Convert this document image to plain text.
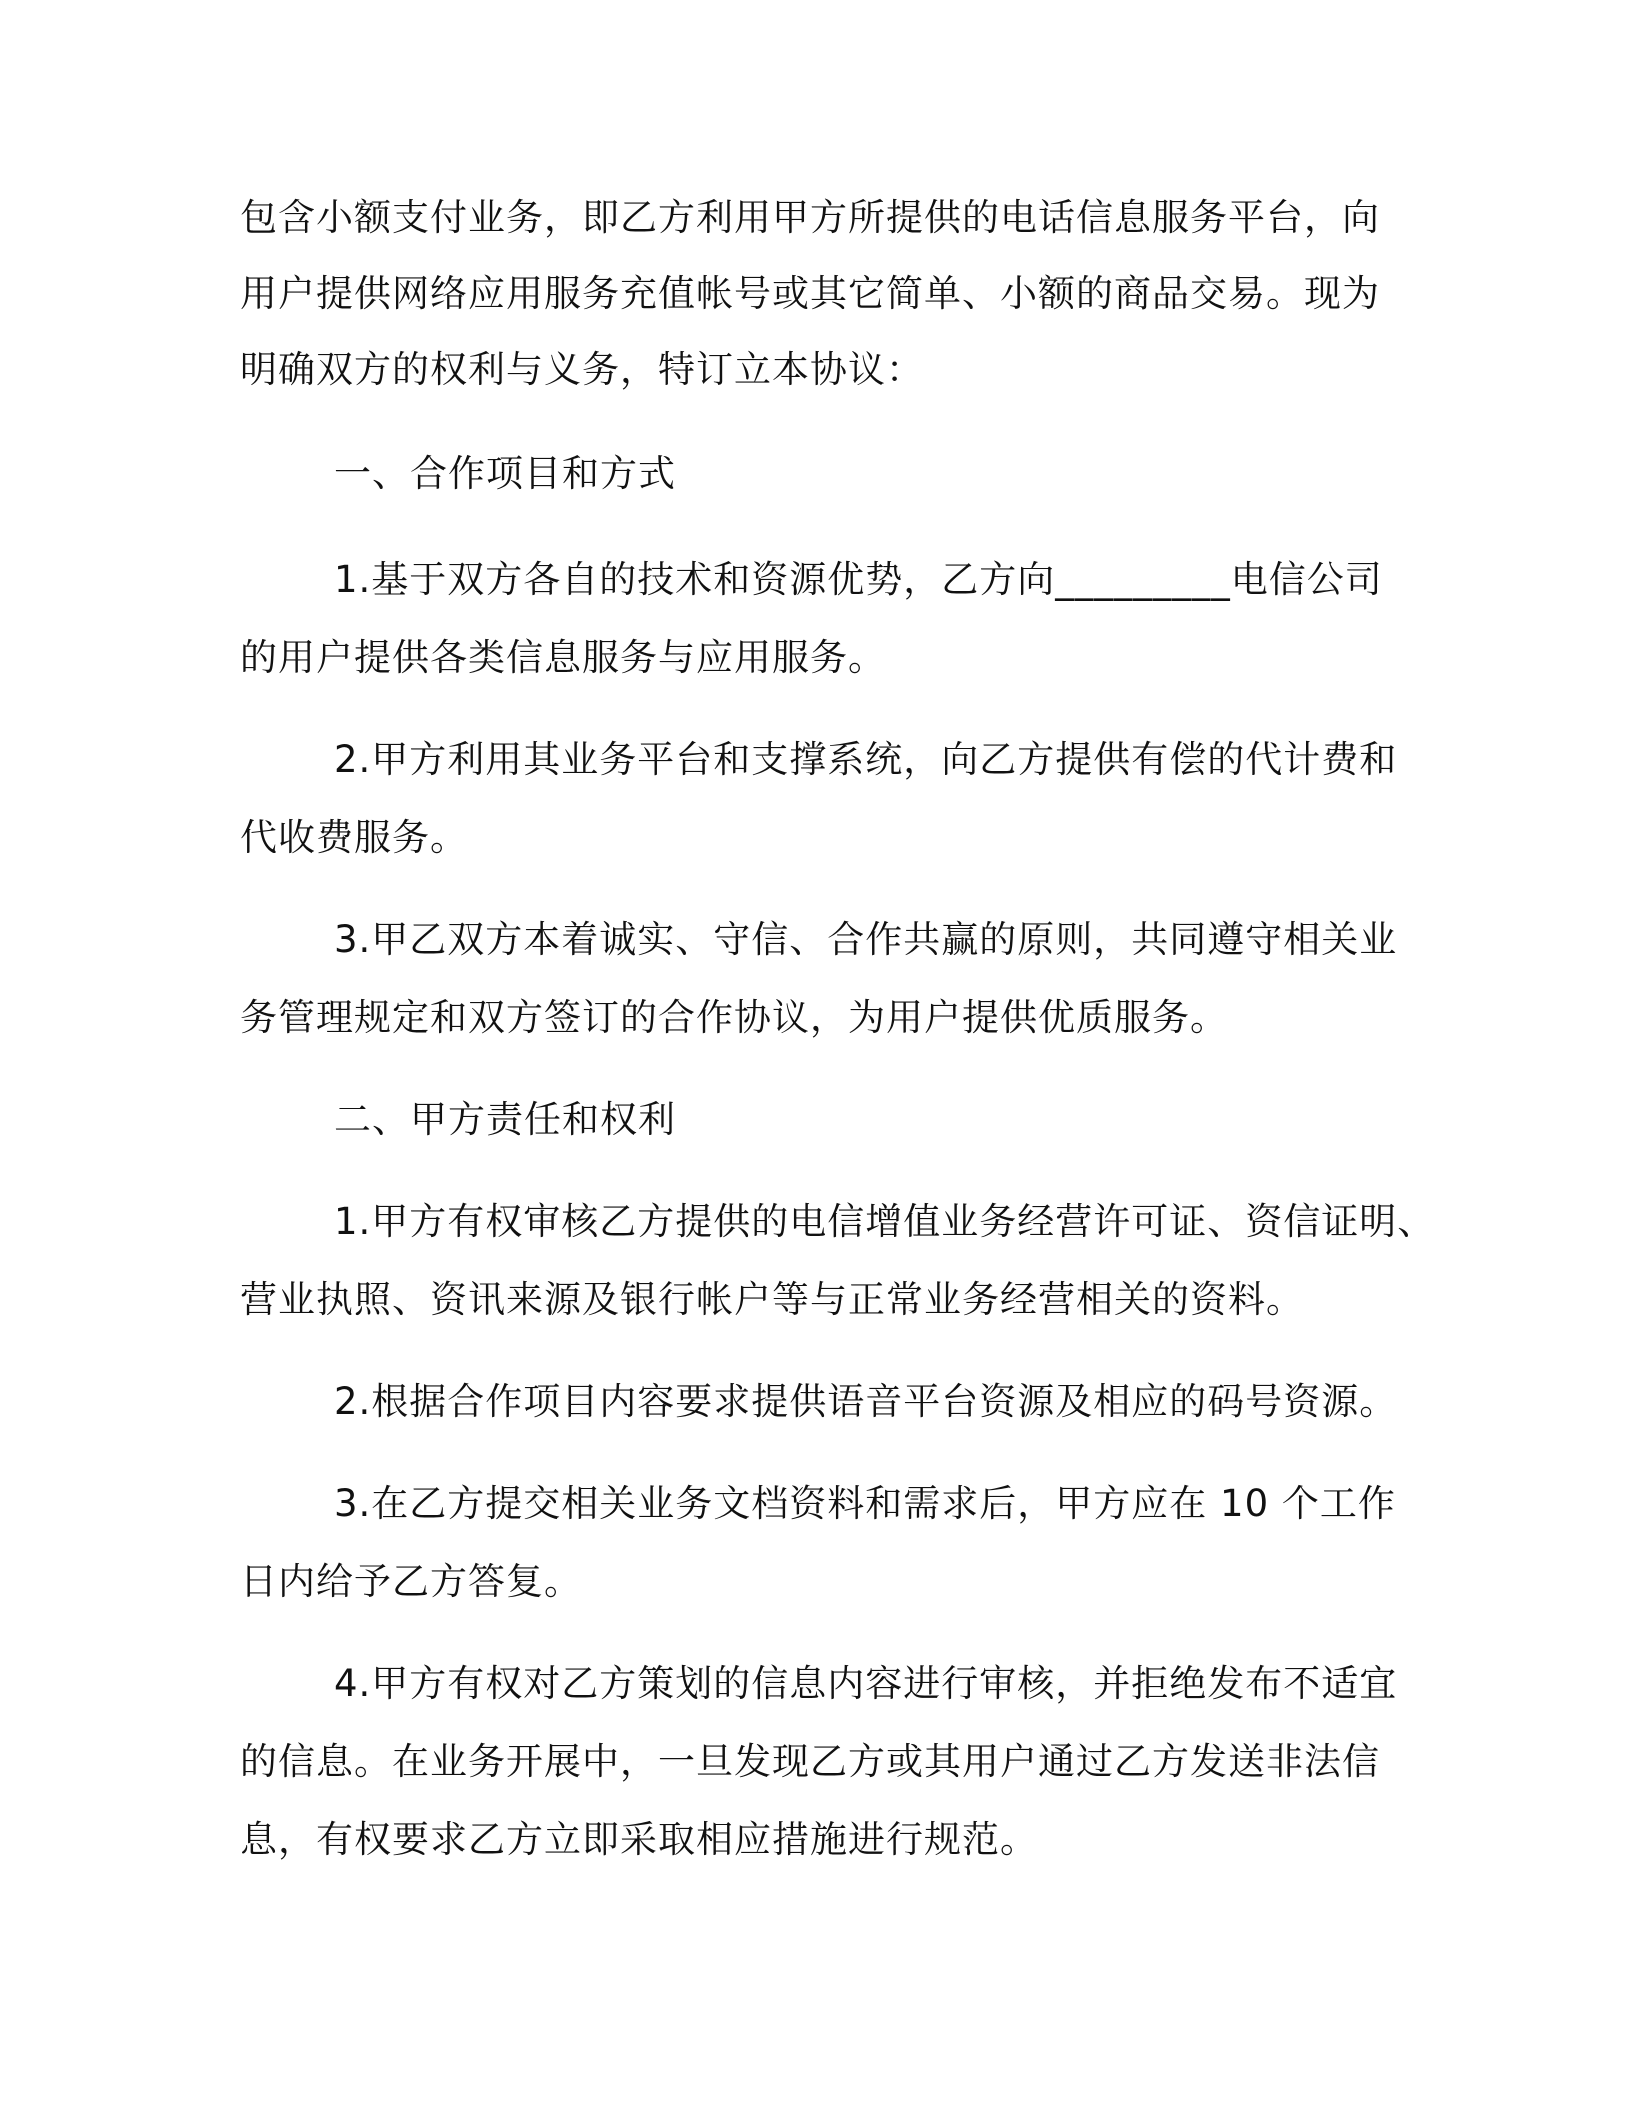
包含小额支付业务，即乙方利用甲方所提供的电话信息服务平台，向
用户提供网络应用服务充值帐号或其它简单、小额的商品交易。现为
明确双方的权利与义务，特订立本协议：
一、合作项目和方式
1.基于双方各自的技术和资源优势，乙方向_________电信公司
的用户提供各类信息服务与应用服务。
2.甲方利用其业务平台和支撑系统，向乙方提供有偿的代计费和
代收费服务。
3.甲乙双方本着诚实、守信、合作共赢的原则，共同遵守相关业
务管理规定和双方签订的合作协议，为用户提供优质服务。
二、甲方责任和权利
1.甲方有权审核乙方提供的电信增值业务经营许可证、资信证明、
营业执照、资讯来源及银行帐户等与正常业务经营相关的资料。
2.根据合作项目内容要求提供语音平台资源及相应的码号资源。
3.在乙方提交相关业务文档资料和需求后，甲方应在 10 个工作
日内给予乙方答复。
4.甲方有权对乙方策划的信息内容进行审核，并拒绝发布不适宜
的信息。在业务开展中，一旦发现乙方或其用户通过乙方发送非法信
息，有权要求乙方立即采取相应措施进行规范。
